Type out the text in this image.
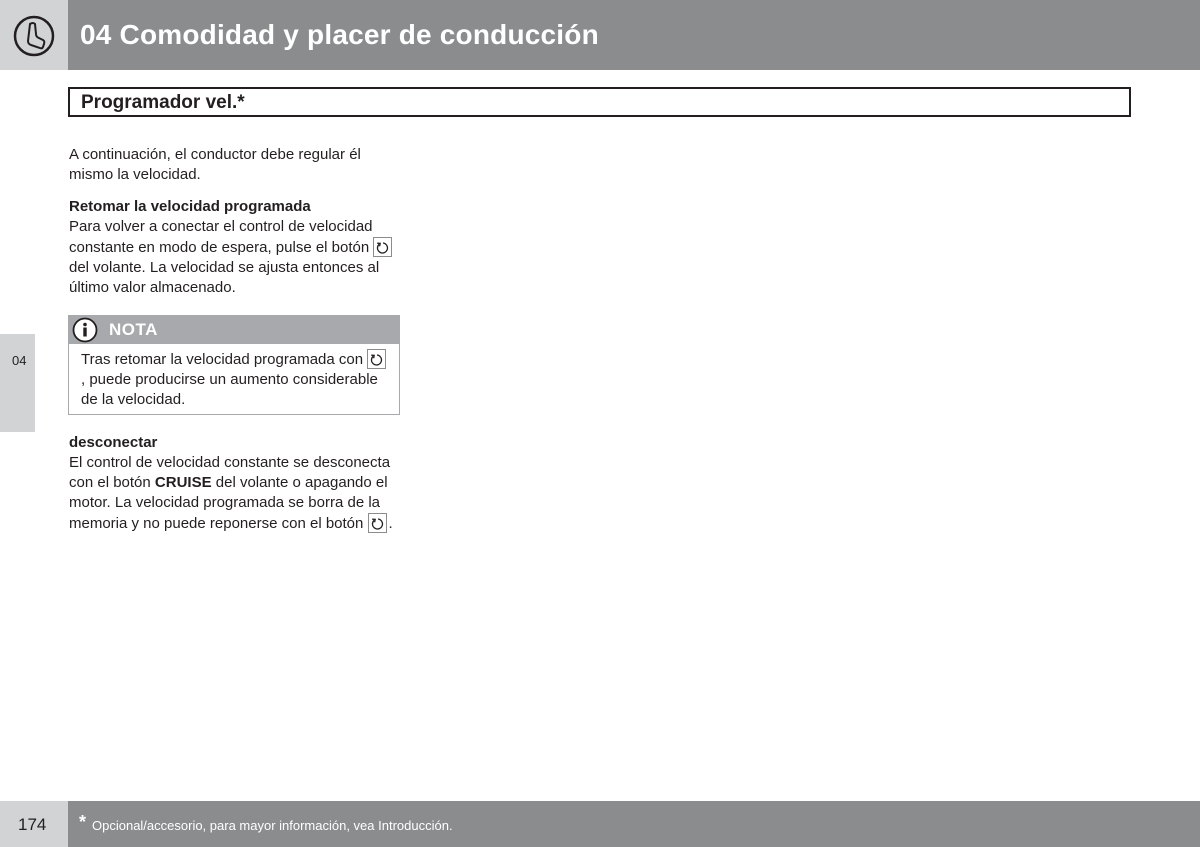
04 Comodidad y placer de conducción
Programador vel.*
04
A continuación, el conductor debe regular él mismo la velocidad.
Retomar la velocidad programada
Para volver a conectar el control de velocidad constante en modo de espera, pulse el botón
del volante. La velocidad se ajusta entonces al último valor almacenado.
NOTA
Tras retomar la velocidad programada con
, puede producirse un aumento considerable de la velocidad.
desconectar
El control de velocidad constante se desconecta con el botón CRUISE del volante o apagando el motor. La velocidad programada se borra de la memoria y no puede reponerse con el botón .
174 * Opcional/accesorio, para mayor información, vea Introducción.
